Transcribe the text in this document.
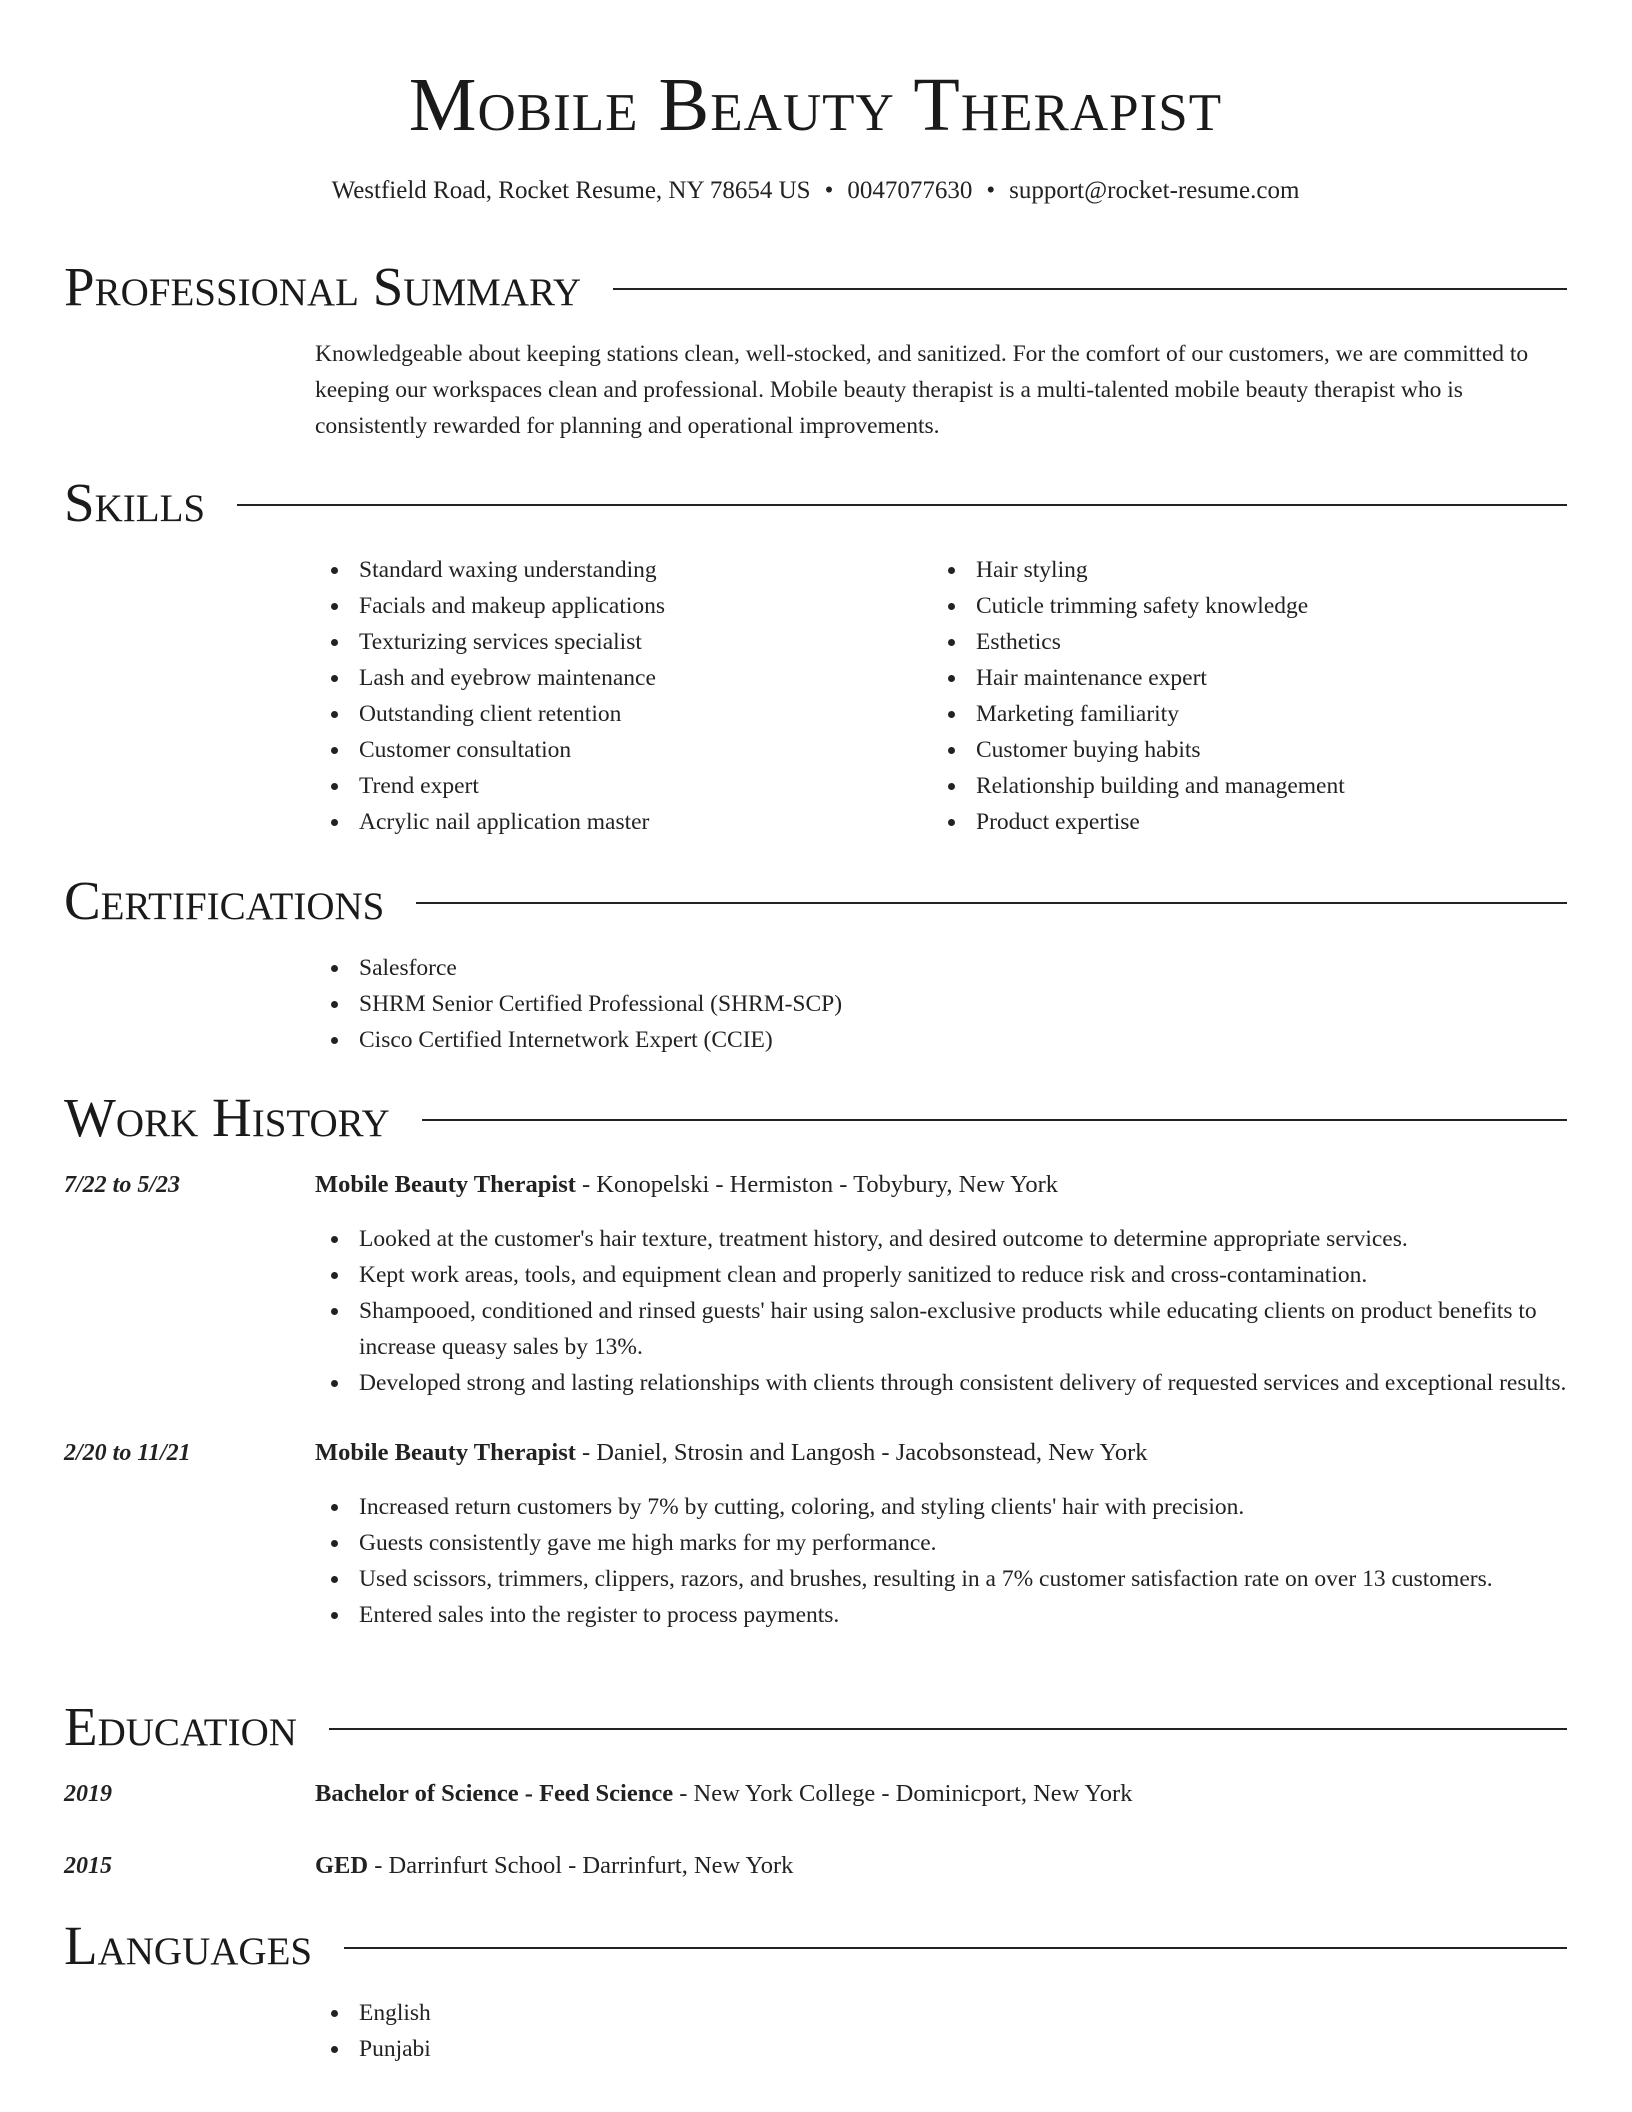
Mobile Beauty Therapist
Westfield Road, Rocket Resume, NY 78654 US • 0047077630 • support@rocket-resume.com
Professional Summary

Knowledgeable about keeping stations clean, well-stocked, and sanitized. For the comfort of our customers, we are committed to keeping our workspaces clean and professional. Mobile beauty therapist is a multi-talented mobile beauty therapist who is consistently rewarded for planning and operational improvements.

Skills
Standard waxing understanding
Facials and makeup applications
Texturizing services specialist
Lash and eyebrow maintenance
Outstanding client retention
Customer consultation
Trend expert
Acrylic nail application master
Hair styling
Cuticle trimming safety knowledge
Esthetics
Hair maintenance expert
Marketing familiarity
Customer buying habits
Relationship building and management
Product expertise
Certifications
Salesforce
SHRM Senior Certified Professional (SHRM-SCP)
Cisco Certified Internetwork Expert (CCIE)
Work History
7/22 to 5/23	Mobile Beauty Therapist - Konopelski - Hermiston - Tobybury, New York
Looked at the customer's hair texture, treatment history, and desired outcome to determine appropriate services.
Kept work areas, tools, and equipment clean and properly sanitized to reduce risk and cross-contamination.
Shampooed, conditioned and rinsed guests' hair using salon-exclusive products while educating clients on product benefits to increase queasy sales by 13%.
Developed strong and lasting relationships with clients through consistent delivery of requested services and exceptional results.
2/20 to 11/21	Mobile Beauty Therapist - Daniel, Strosin and Langosh - Jacobsonstead, New York
Increased return customers by 7% by cutting, coloring, and styling clients' hair with precision.
Guests consistently gave me high marks for my performance.
Used scissors, trimmers, clippers, razors, and brushes, resulting in a 7% customer satisfaction rate on over 13 customers.
Entered sales into the register to process payments.
Education
2019	Bachelor of Science - Feed Science - New York College - Dominicport, New York
2015	GED - Darrinfurt School - Darrinfurt, New York
Languages
English
Punjabi
